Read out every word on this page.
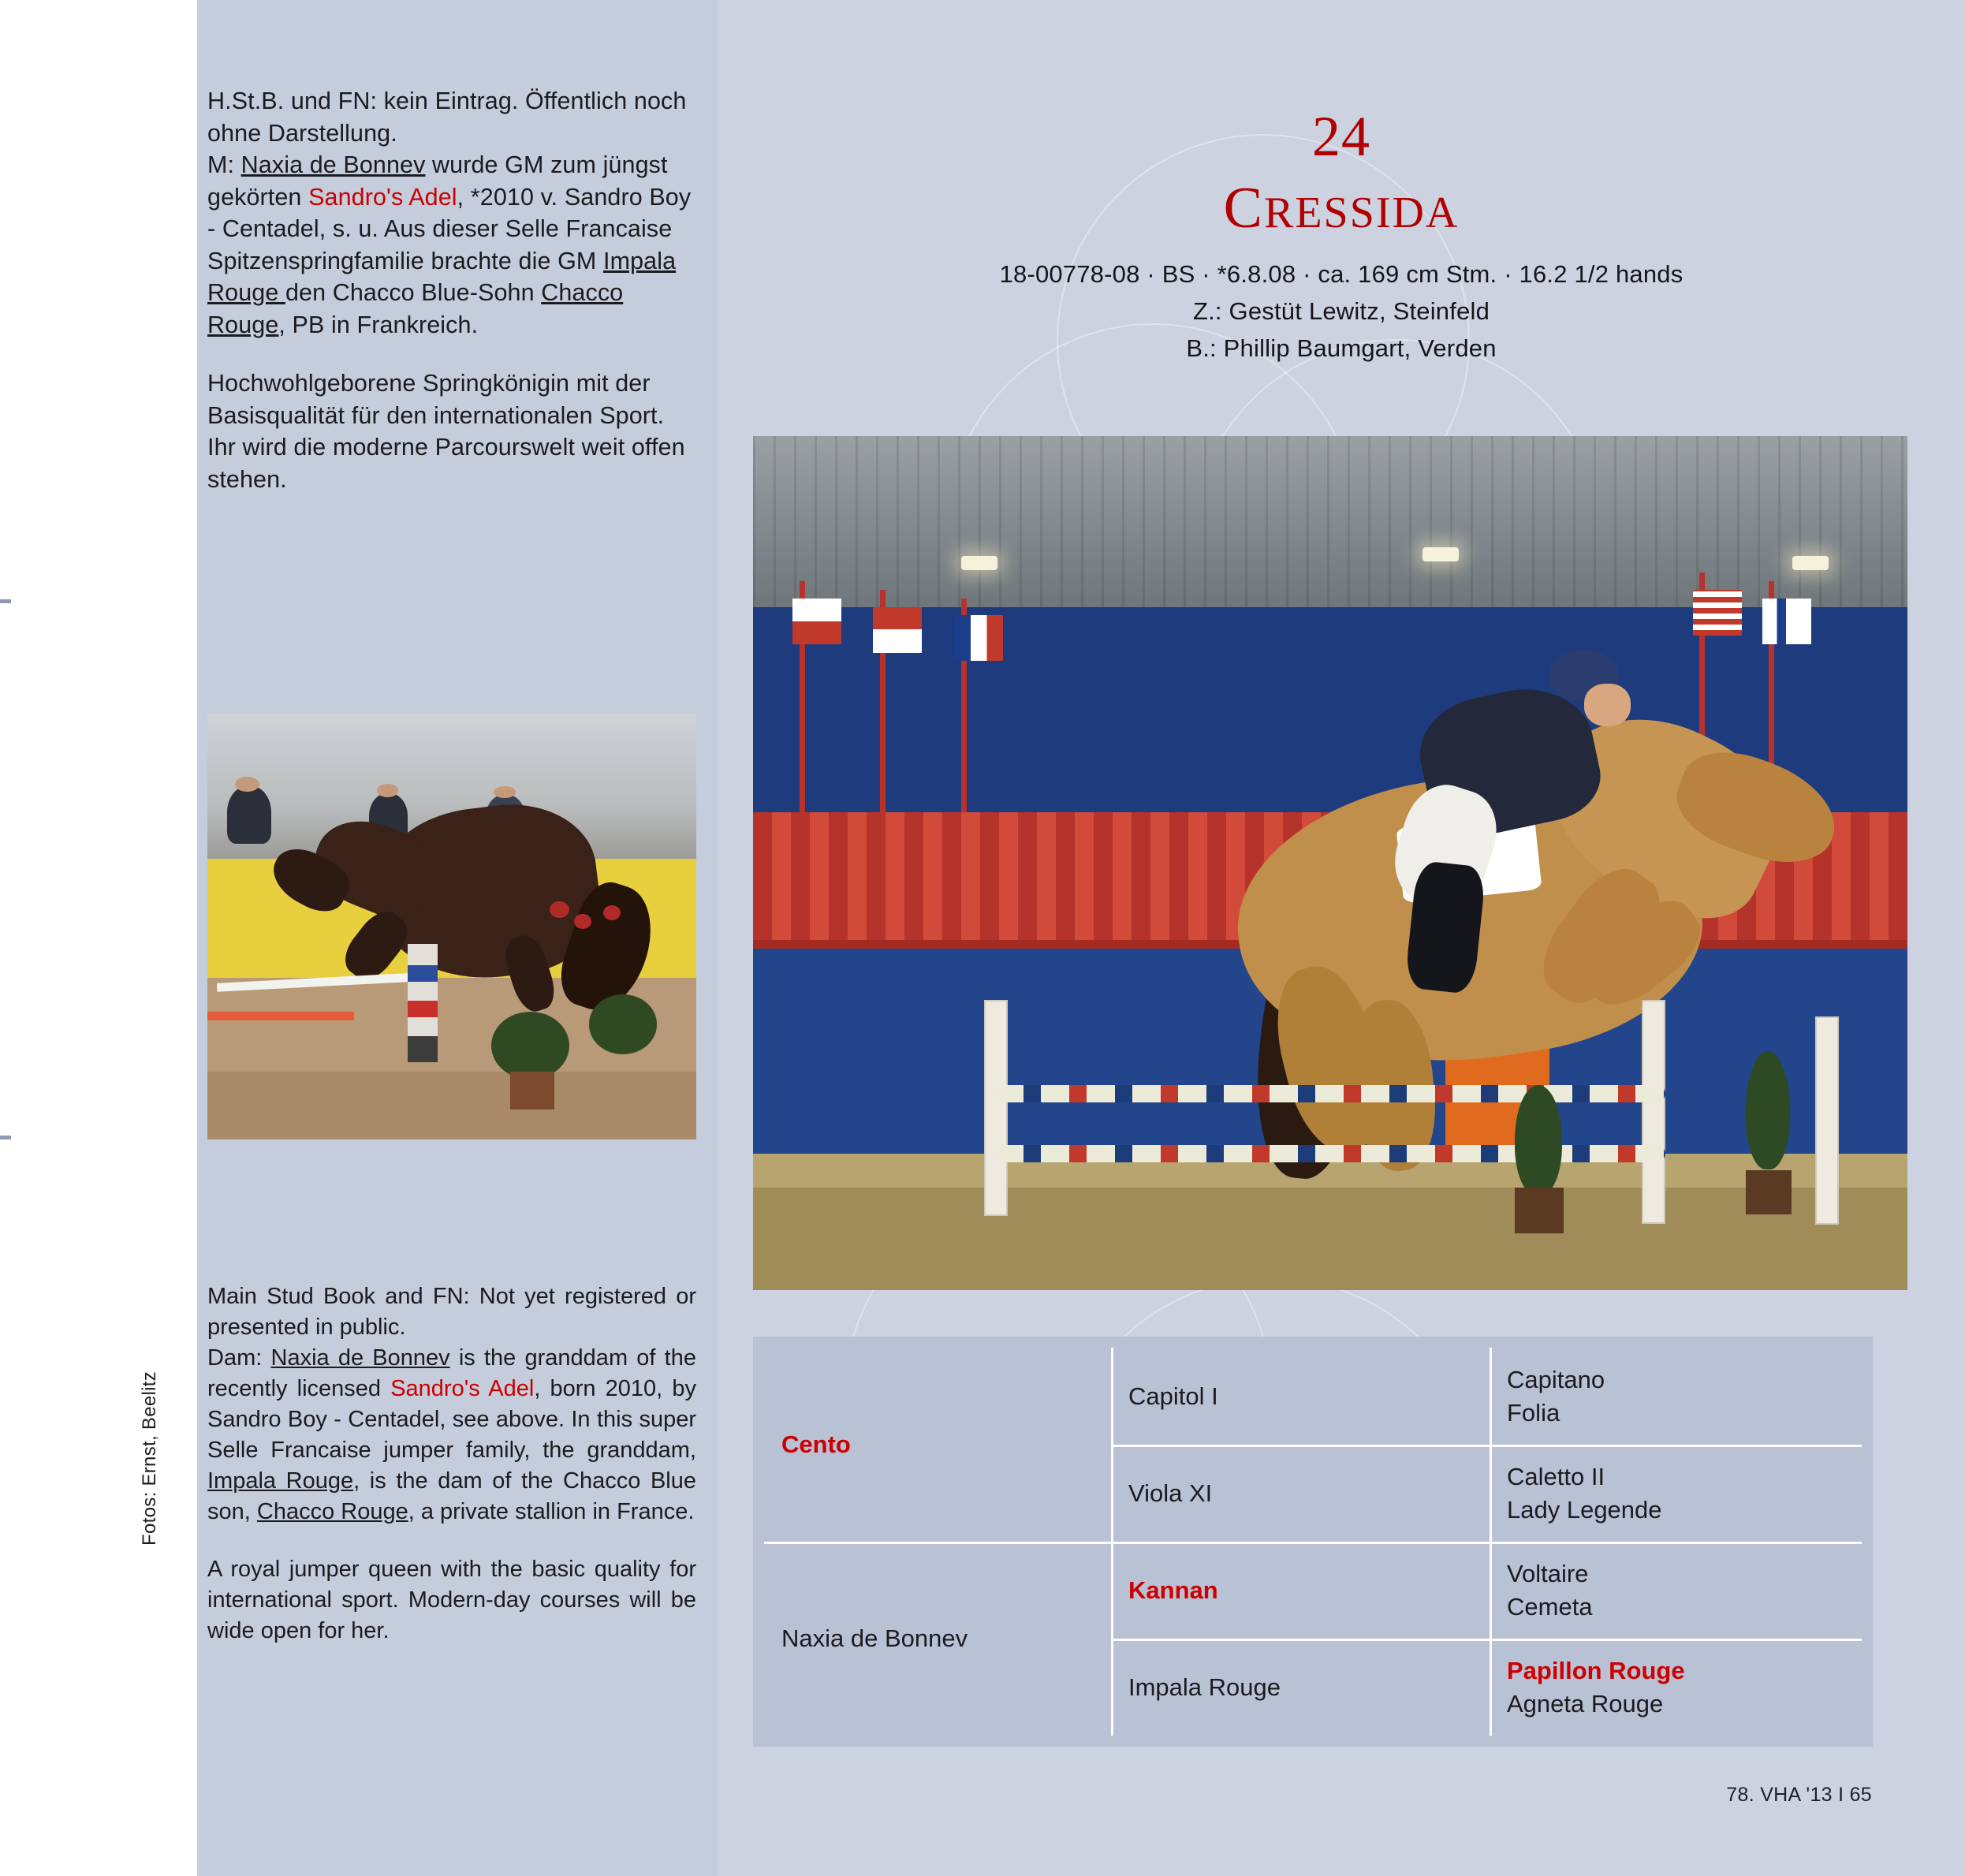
H.St.B. und FN: kein Eintrag. Öffentlich noch ohne Darstellung.
M: Naxia de Bonnev wurde GM zum jüngst gekörten Sandro's Adel, *2010 v. Sandro Boy - Centadel, s. u. Aus dieser Selle Francaise Spitzenspringfamilie brachte die GM Impala Rouge den Chacco Blue-Sohn Chacco Rouge, PB in Frankreich.

Hochwohlgeborene Springkönigin mit der Basisqualität für den internationalen Sport. Ihr wird die moderne Parcourswelt weit offen stehen.

Main Stud Book and FN: Not yet registered or presented in public.
Dam: Naxia de Bonnev is the granddam of the recently licensed Sandro's Adel, born 2010, by Sandro Boy - Centadel, see above. In this super Selle Francaise jumper family, the granddam, Impala Rouge, is the dam of the Chacco Blue son, Chacco Rouge, a private stallion in France.

A royal jumper queen with the basic quality for international sport. Modern-day courses will be wide open for her.

Fotos: Ernst, Beelitz
24
CRESSIDA
18-00778-08 · BS · *6.8.08 · ca. 169 cm Stm. · 16.2 1/2 hands
Z.: Gestüt Lewitz, Steinfeld
B.: Phillip Baumgart, Verden
Cento
Capitol I
Capitano
Folia
Viola XI
Caletto II
Lady Legende
Naxia de Bonnev
Kannan
Voltaire
Cemeta
Impala Rouge
Papillon Rouge
Agneta Rouge
78. VHA '13 I 65
